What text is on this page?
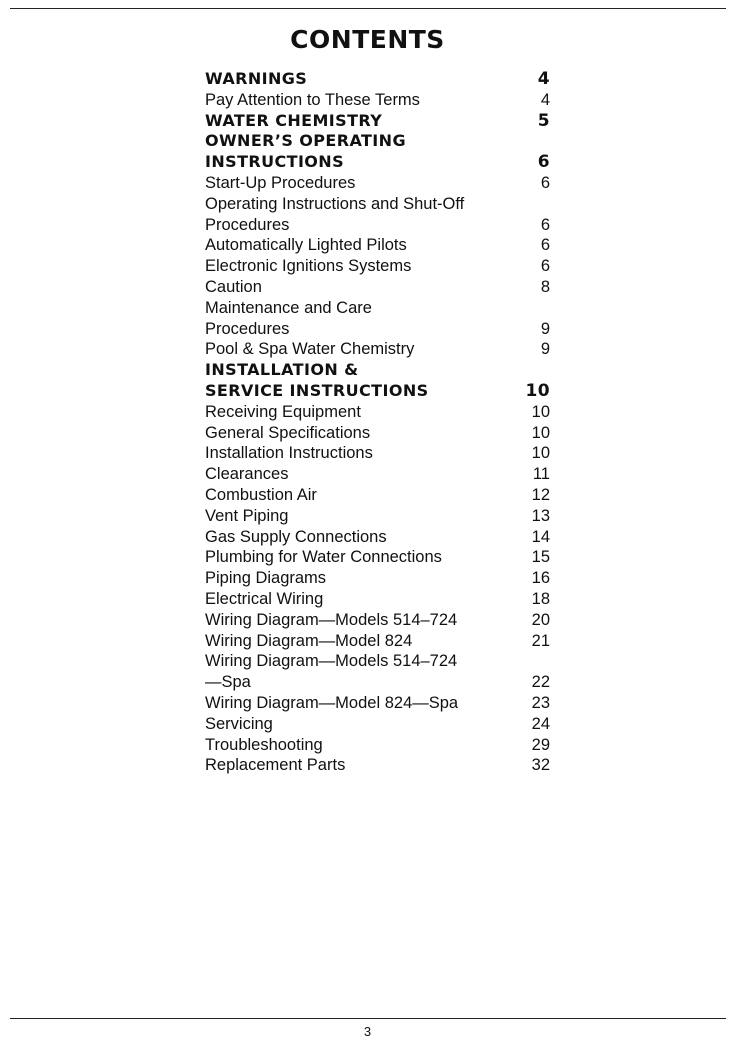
CONTENTS
WARNINGS	4
Pay Attention to These Terms	4
WATER CHEMISTRY	5
OWNER’S OPERATING
INSTRUCTIONS	6
Start-Up Procedures	6
Operating Instructions and Shut-Off
Procedures	6
Automatically Lighted Pilots	6
Electronic Ignitions Systems	6
Caution	8
Maintenance and Care
Procedures	9
Pool & Spa Water Chemistry	9
INSTALLATION &
SERVICE INSTRUCTIONS	10
Receiving Equipment	10
General Specifications	10
Installation Instructions	10
Clearances	11
Combustion Air	12
Vent Piping	13
Gas Supply Connections	14
Plumbing for Water Connections	15
Piping Diagrams	16
Electrical Wiring	18
Wiring Diagram—Models 514–724	20
Wiring Diagram—Model 824	21
Wiring Diagram—Models 514–724
—Spa	22
Wiring Diagram—Model 824—Spa	23
Servicing	24
Troubleshooting	29
Replacement Parts	32
3
